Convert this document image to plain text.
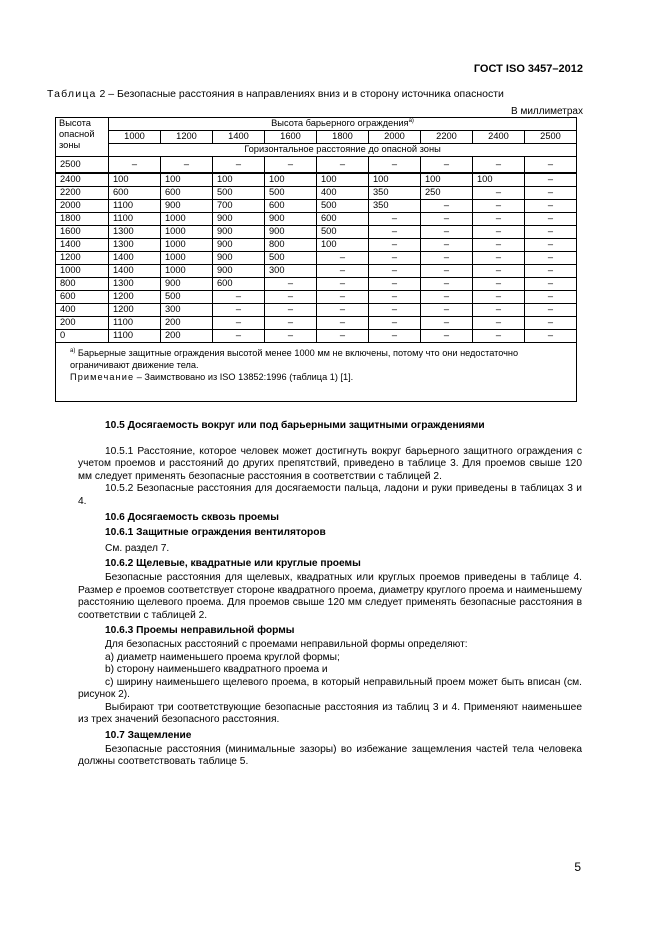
ГОСТ ISO 3457–2012
Таблица 2 – Безопасные расстояния в направлениях вниз и в сторону источника опасности
В миллиметрах
Высота опасной зоны	Высота барьерного ограждения$^{а)}$
	1000	1200	1400	1600	1800	2000	2200	2400	2500
	Горизонтальное расстояние до опасной зоны								
2500	–	–	–	–	–	–	–	–	–
2400	100	100	100	100	100	100	100	100	–
2200	600	600	500	500	400	350	250	–	–
2000	1100	900	700	600	500	350	–	–	–
1800	1100	1000	900	900	600	–	–	–	–
1600	1300	1000	900	900	500	–	–	–	–
1400	1300	1000	900	800	100	–	–	–	–
1200	1400	1000	900	500	–	–	–	–	–
1000	1400	1000	900	300	–	–	–	–	–
800	1300	900	600	–	–	–	–	–	–
600	1200	500	–	–	–	–	–	–	–
400	1200	300	–	–	–	–	–	–	–
200	1100	200	–	–	–	–	–	–	–
0	1100	200	–	–	–	–	–	–	–

$^{а)}$ Барьерные защитные ограждения высотой менее 1000 мм не включены, потому что они недостаточно ограничивают движение тела.
Примечание – Заимствовано из ISO 13852:1996 (таблица 1) [1].									
10.5 Досягаемость вокруг или под барьерными защитными ограждениями

10.5.1 Расстояние, которое человек может достигнуть вокруг барьерного защитного ограждения с учетом проемов и расстояний до других препятствий, приведено в таблице 3. Для проемов свыше 120 мм следует применять безопасные расстояния в соответствии с таблицей 2.

10.5.2 Безопасные расстояния для досягаемости пальца, ладони и руки приведены в таблицах 3 и 4.

10.6 Досягаемость сквозь проемы
10.6.1 Защитные ограждения вентиляторов

См. раздел 7.

10.6.2 Щелевые, квадратные или круглые проемы

Безопасные расстояния для щелевых, квадратных или круглых проемов приведены в таблице 4. Размер e проемов соответствует стороне квадратного проема, диаметру круглого проема и наименьшему расстоянию щелевого проема. Для проемов свыше 120 мм следует применять безопасные расстояния в соответствии с таблицей 2.

10.6.3 Проемы неправильной формы

Для безопасных расстояний с проемами неправильной формы определяют:

а) диаметр наименьшего проема круглой формы;

b) сторону наименьшего квадратного проема и

с) ширину наименьшего щелевого проема, в который неправильный проем может быть вписан (см. рисунок 2).

Выбирают три соответствующие безопасные расстояния из таблиц 3 и 4. Применяют наименьшее из трех значений безопасного расстояния.

10.7 Защемление

Безопасные расстояния (минимальные зазоры) во избежание защемления частей тела человека должны соответствовать таблице 5.

5
